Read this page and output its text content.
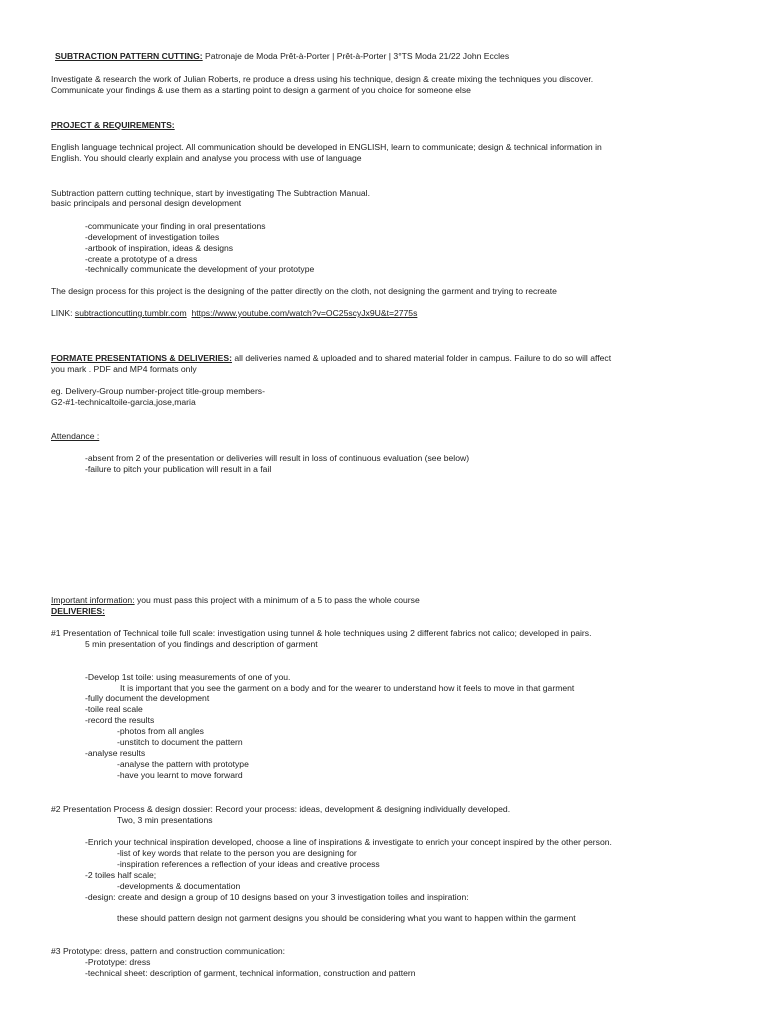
SUBTRACTION PATTERN CUTTING: Patronaje de Moda Prêt-à-Porter | Prêt-à-Porter | 3°TS Moda 21/22 John Eccles
Investigate & research the work of Julian Roberts, re produce a dress using his technique, design & create mixing the techniques you discover.
Communicate your findings & use them as a starting point to design a garment of you choice for someone else
PROJECT & REQUIREMENTS:
English language technical project. All communication should be developed in ENGLISH, learn to communicate; design & technical information in
English. You should clearly explain and analyse you process with use of language
Subtraction pattern cutting technique, start by investigating The Subtraction Manual.
basic principals and personal design development
-communicate your finding in oral presentations
-development of investigation toiles
-artbook of inspiration, ideas & designs
-create a prototype of a dress
-technically communicate the development of your prototype
The design process for this project is the designing of the patter directly on the cloth, not designing the garment and trying to recreate
LINK: subtractioncutting.tumblr.com https://www.youtube.com/watch?v=OC25scyJx9U&t=2775s
FORMATE PRESENTATIONS & DELIVERIES: all deliveries named & uploaded and to shared material folder in campus. Failure to do so will affect
you mark . PDF and MP4 formats only
eg. Delivery-Group number-project title-group members-
G2-#1-technicaltoile-garcia,jose,maria
Attendance :
-absent from 2 of the presentation or deliveries will result in loss of continuous evaluation (see below)
-failure to pitch your publication will result in a fail
Important information: you must pass this project with a minimum of a 5 to pass the whole course
DELIVERIES:
#1 Presentation of Technical toile full scale: investigation using tunnel & hole techniques using 2 different fabrics not calico; developed in pairs.
5 min presentation of you findings and description of garment
-Develop 1st toile: using measurements of one of you.
It is important that you see the garment on a body and for the wearer to understand how it feels to move in that garment
-fully document the development
-toile real scale
-record the results
-photos from all angles
-unstitch to document the pattern
-analyse results
-analyse the pattern with prototype
-have you learnt to move forward
#2 Presentation Process & design dossier: Record your process: ideas, development & designing individually developed.
Two, 3 min presentations
-Enrich your technical inspiration developed, choose a line of inspirations & investigate to enrich your concept inspired by the other person.
-list of key words that relate to the person you are designing for
-inspiration references a reflection of your ideas and creative process
-2 toiles half scale;
-developments & documentation
-design: create and design a group of 10 designs based on your 3 investigation toiles and inspiration:
these should pattern design not garment designs you should be considering what you want to happen within the garment
#3 Prototype: dress, pattern and construction communication:
-Prototype: dress
-technical sheet: description of garment, technical information, construction and pattern
